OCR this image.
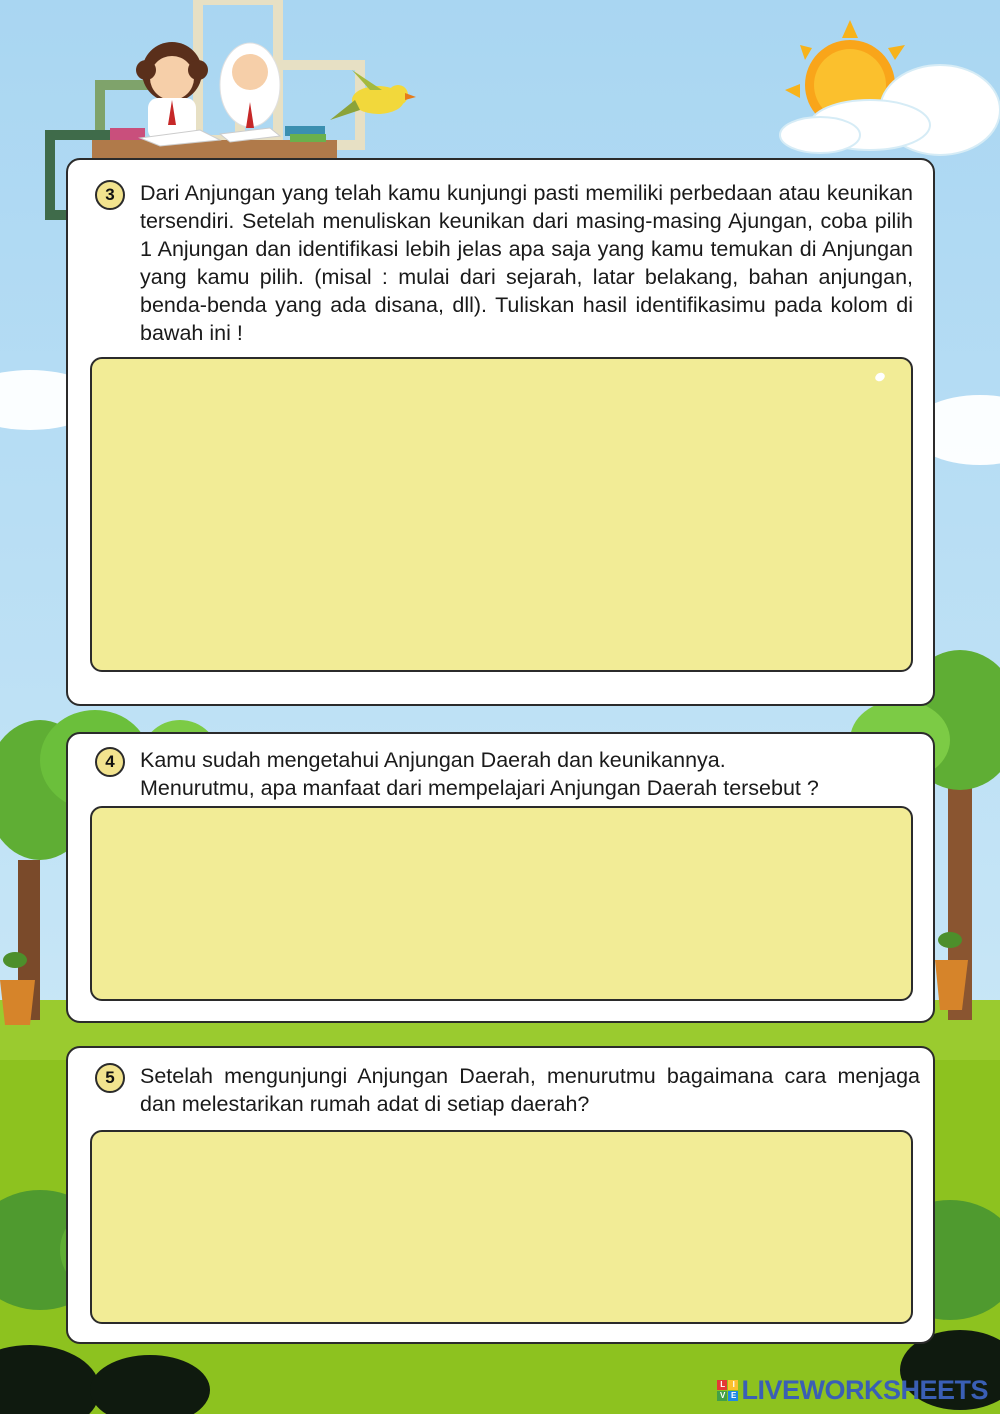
3	Dari Anjungan yang telah kamu kunjungi pasti memiliki perbedaan atau keunikan tersendiri. Setelah menuliskan keunikan dari masing-masing Ajungan, coba pilih 1 Anjungan dan identifikasi lebih jelas apa saja yang kamu temukan di Anjungan yang kamu pilih. (misal : mulai dari sejarah, latar belakang, bahan anjungan, benda-benda yang ada disana, dll). Tuliskan hasil identifikasimu pada kolom di bawah ini !
4	Kamu sudah mengetahui Anjungan Daerah dan keunikannya.
Menurutmu, apa manfaat dari mempelajari Anjungan Daerah tersebut ?
5	Setelah mengunjungi Anjungan Daerah, menurutmu bagaimana cara menjaga dan melestarikan rumah adat di setiap daerah?
L I
V E LIVEWORKSHEETS
